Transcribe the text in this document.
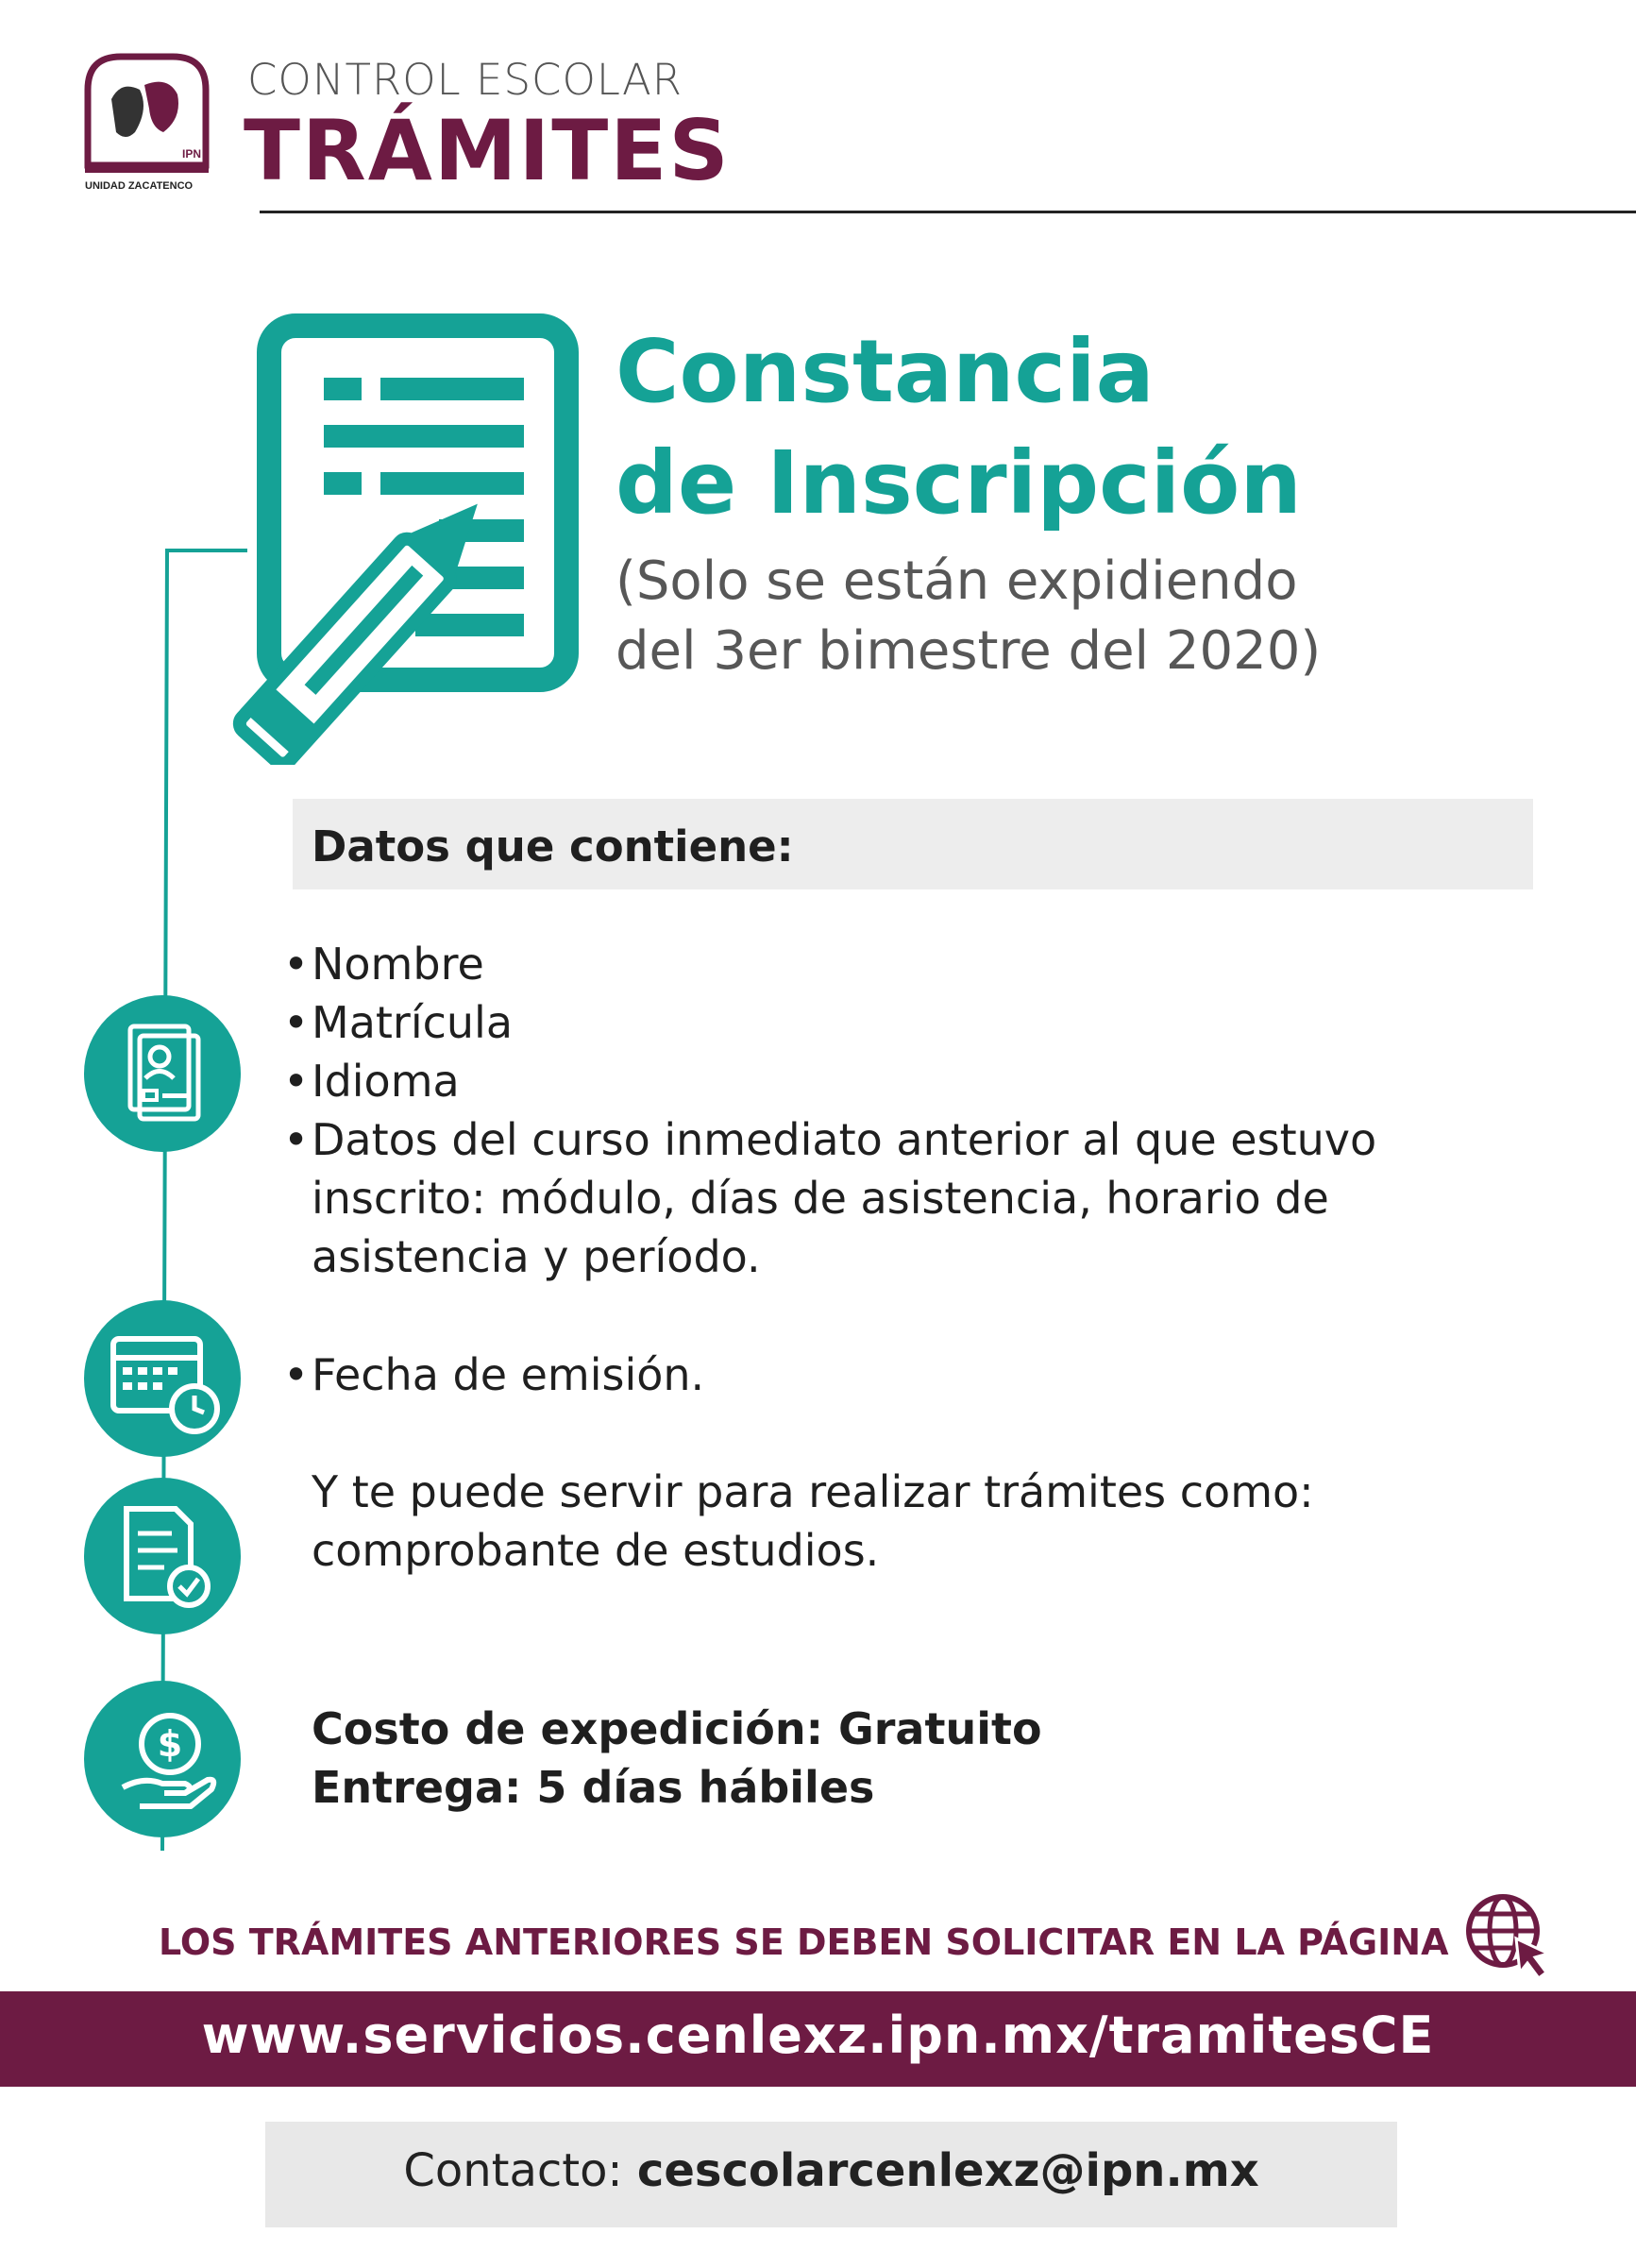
IPN
UNIDAD ZACATENCO
CONTROL ESCOLAR
TRÁMITES
Constancia
de Inscripción
(Solo se están expidiendo
del 3er bimestre del 2020)
$
Datos que contiene:
•Nombre
•Matrícula
•Idioma
•Datos del curso inmediato anterior al que estuvo
inscrito: módulo, días de asistencia, horario de
asistencia y período.
•Fecha de emisión.
Y te puede servir para realizar trámites como:
comprobante de estudios.
Costo de expedición: Gratuito
Entrega: 5 días hábiles
LOS TRÁMITES ANTERIORES SE DEBEN SOLICITAR EN LA PÁGINA
www.servicios.cenlexz.ipn.mx/tramitesCE
Contacto: cescolarcenlexz@ipn.mx
